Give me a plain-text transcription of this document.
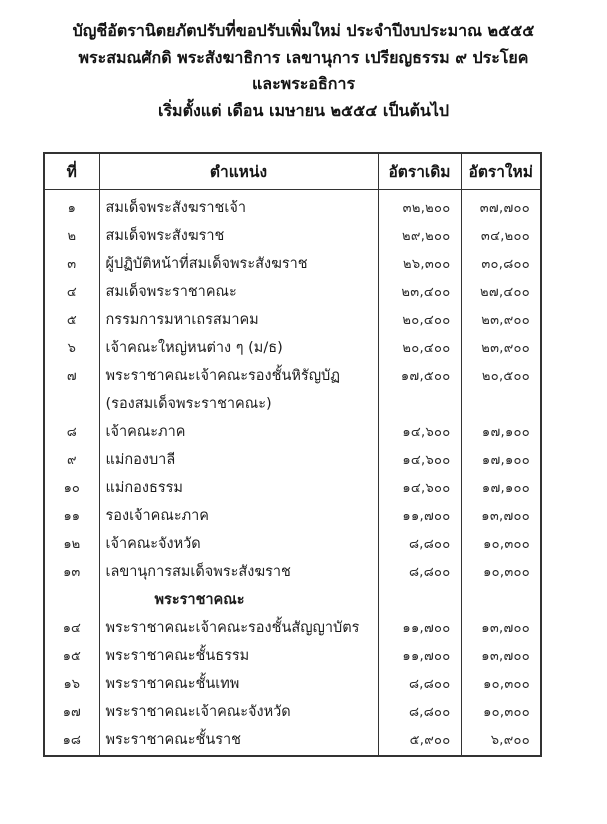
บัญชีอัตรานิตยภัตปรับที่ขอปรับเพิ่มใหม่ ประจำปีงบประมาณ ๒๕๕๕
พระสมณศักดิ พระสังฆาธิการ เลขานุการ เปรียญธรรม ๙ ประโยค
และพระอธิการ
เริ่มตั้งแต่ เดือน เมษายน ๒๕๕๔ เป็นต้นไป
ที่	ตำแหน่ง	อัตราเดิม	อัตราใหม่
๑	สมเด็จพระสังฆราชเจ้า	๓๒,๒๐๐	๓๗,๗๐๐
๒	สมเด็จพระสังฆราช	๒๙,๒๐๐	๓๔,๒๐๐
๓	ผู้ปฏิบัติหน้าที่สมเด็จพระสังฆราช	๒๖,๓๐๐	๓๐,๘๐๐
๔	สมเด็จพระราชาคณะ	๒๓,๔๐๐	๒๗,๔๐๐
๕	กรรมการมหาเถรสมาคม	๒๐,๔๐๐	๒๓,๙๐๐
๖	เจ้าคณะใหญ่หนต่าง ๆ (ม/ธ)	๒๐,๔๐๐	๒๓,๙๐๐
๗	พระราชาคณะเจ้าคณะรองชั้นหิรัญบัฏ	๑๗,๕๐๐	๒๐,๕๐๐
	(รองสมเด็จพระราชาคณะ)		
๘	เจ้าคณะภาค	๑๔,๖๐๐	๑๗,๑๐๐
๙	แม่กองบาลี	๑๔,๖๐๐	๑๗,๑๐๐
๑๐	แม่กองธรรม	๑๔,๖๐๐	๑๗,๑๐๐
๑๑	รองเจ้าคณะภาค	๑๑,๗๐๐	๑๓,๗๐๐
๑๒	เจ้าคณะจังหวัด	๘,๘๐๐	๑๐,๓๐๐
๑๓	เลขานุการสมเด็จพระสังฆราช	๘,๘๐๐	๑๐,๓๐๐
	พระราชาคณะ		
๑๔	พระราชาคณะเจ้าคณะรองชั้นสัญญาบัตร	๑๑,๗๐๐	๑๓,๗๐๐
๑๕	พระราชาคณะชั้นธรรม	๑๑,๗๐๐	๑๓,๗๐๐
๑๖	พระราชาคณะชั้นเทพ	๘,๘๐๐	๑๐,๓๐๐
๑๗	พระราชาคณะเจ้าคณะจังหวัด	๘,๘๐๐	๑๐,๓๐๐
๑๘	พระราชาคณะชั้นราช	๕,๙๐๐	๖,๙๐๐
